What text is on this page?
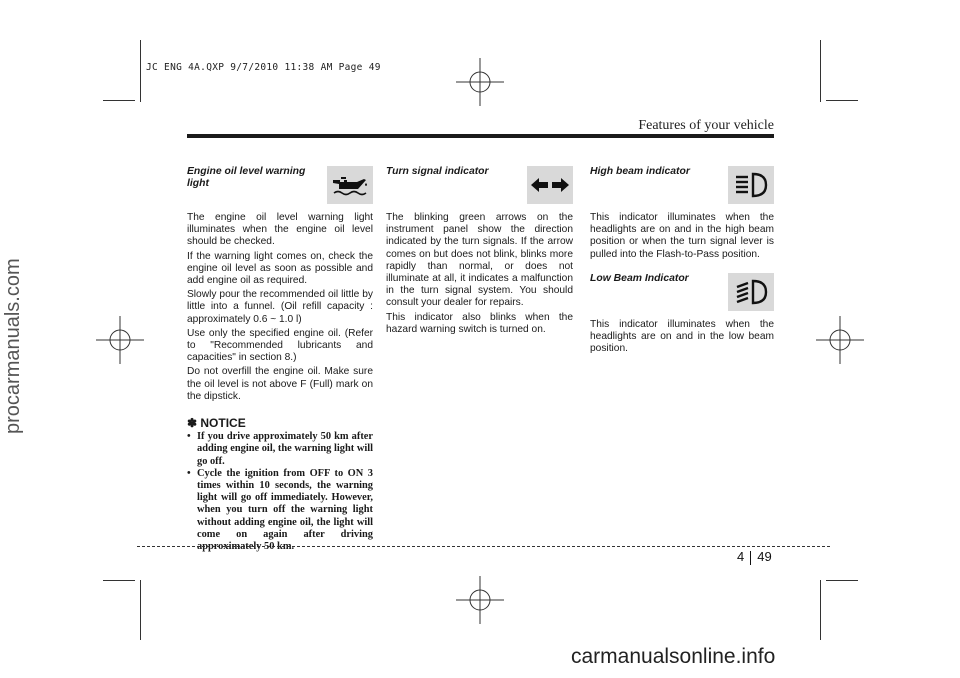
JC ENG 4A.QXP 9/7/2010 11:38 AM Page 49
procarmanuals.com
carmanualsonline.info
Features of your vehicle
Engine oil level warning light

The engine oil level warning light illuminates when the engine oil level should be checked.

If the warning light comes on, check the engine oil level as soon as possible and add engine oil as required.

Slowly pour the recommended oil little by little into a funnel. (Oil refill capacity : approximately 0.6 ~ 1.0 l)

Use only the specified engine oil. (Refer to "Recommended lubricants and capacities" in section 8.)

Do not overfill the engine oil. Make sure the oil level is not above F (Full) mark on the dipstick.

✽ NOTICE
• If you drive approximately 50 km after adding engine oil, the warning light will go off.
• Cycle the ignition from OFF to ON 3 times within 10 seconds, the warning light will go off immediately. However, when you turn off the warning light without adding engine oil, the light will come on again after driving approximately 50 km.
Turn signal indicator

The blinking green arrows on the instrument panel show the direction indicated by the turn signals. If the arrow comes on but does not blink, blinks more rapidly than normal, or does not illuminate at all, it indicates a malfunction in the turn signal system. You should consult your dealer for repairs.

This indicator also blinks when the hazard warning switch is turned on.

High beam indicator

This indicator illuminates when the headlights are on and in the high beam position or when the turn signal lever is pulled into the Flash-to-Pass position.

Low Beam Indicator

This indicator illuminates when the headlights are on and in the low beam position.

4 49
